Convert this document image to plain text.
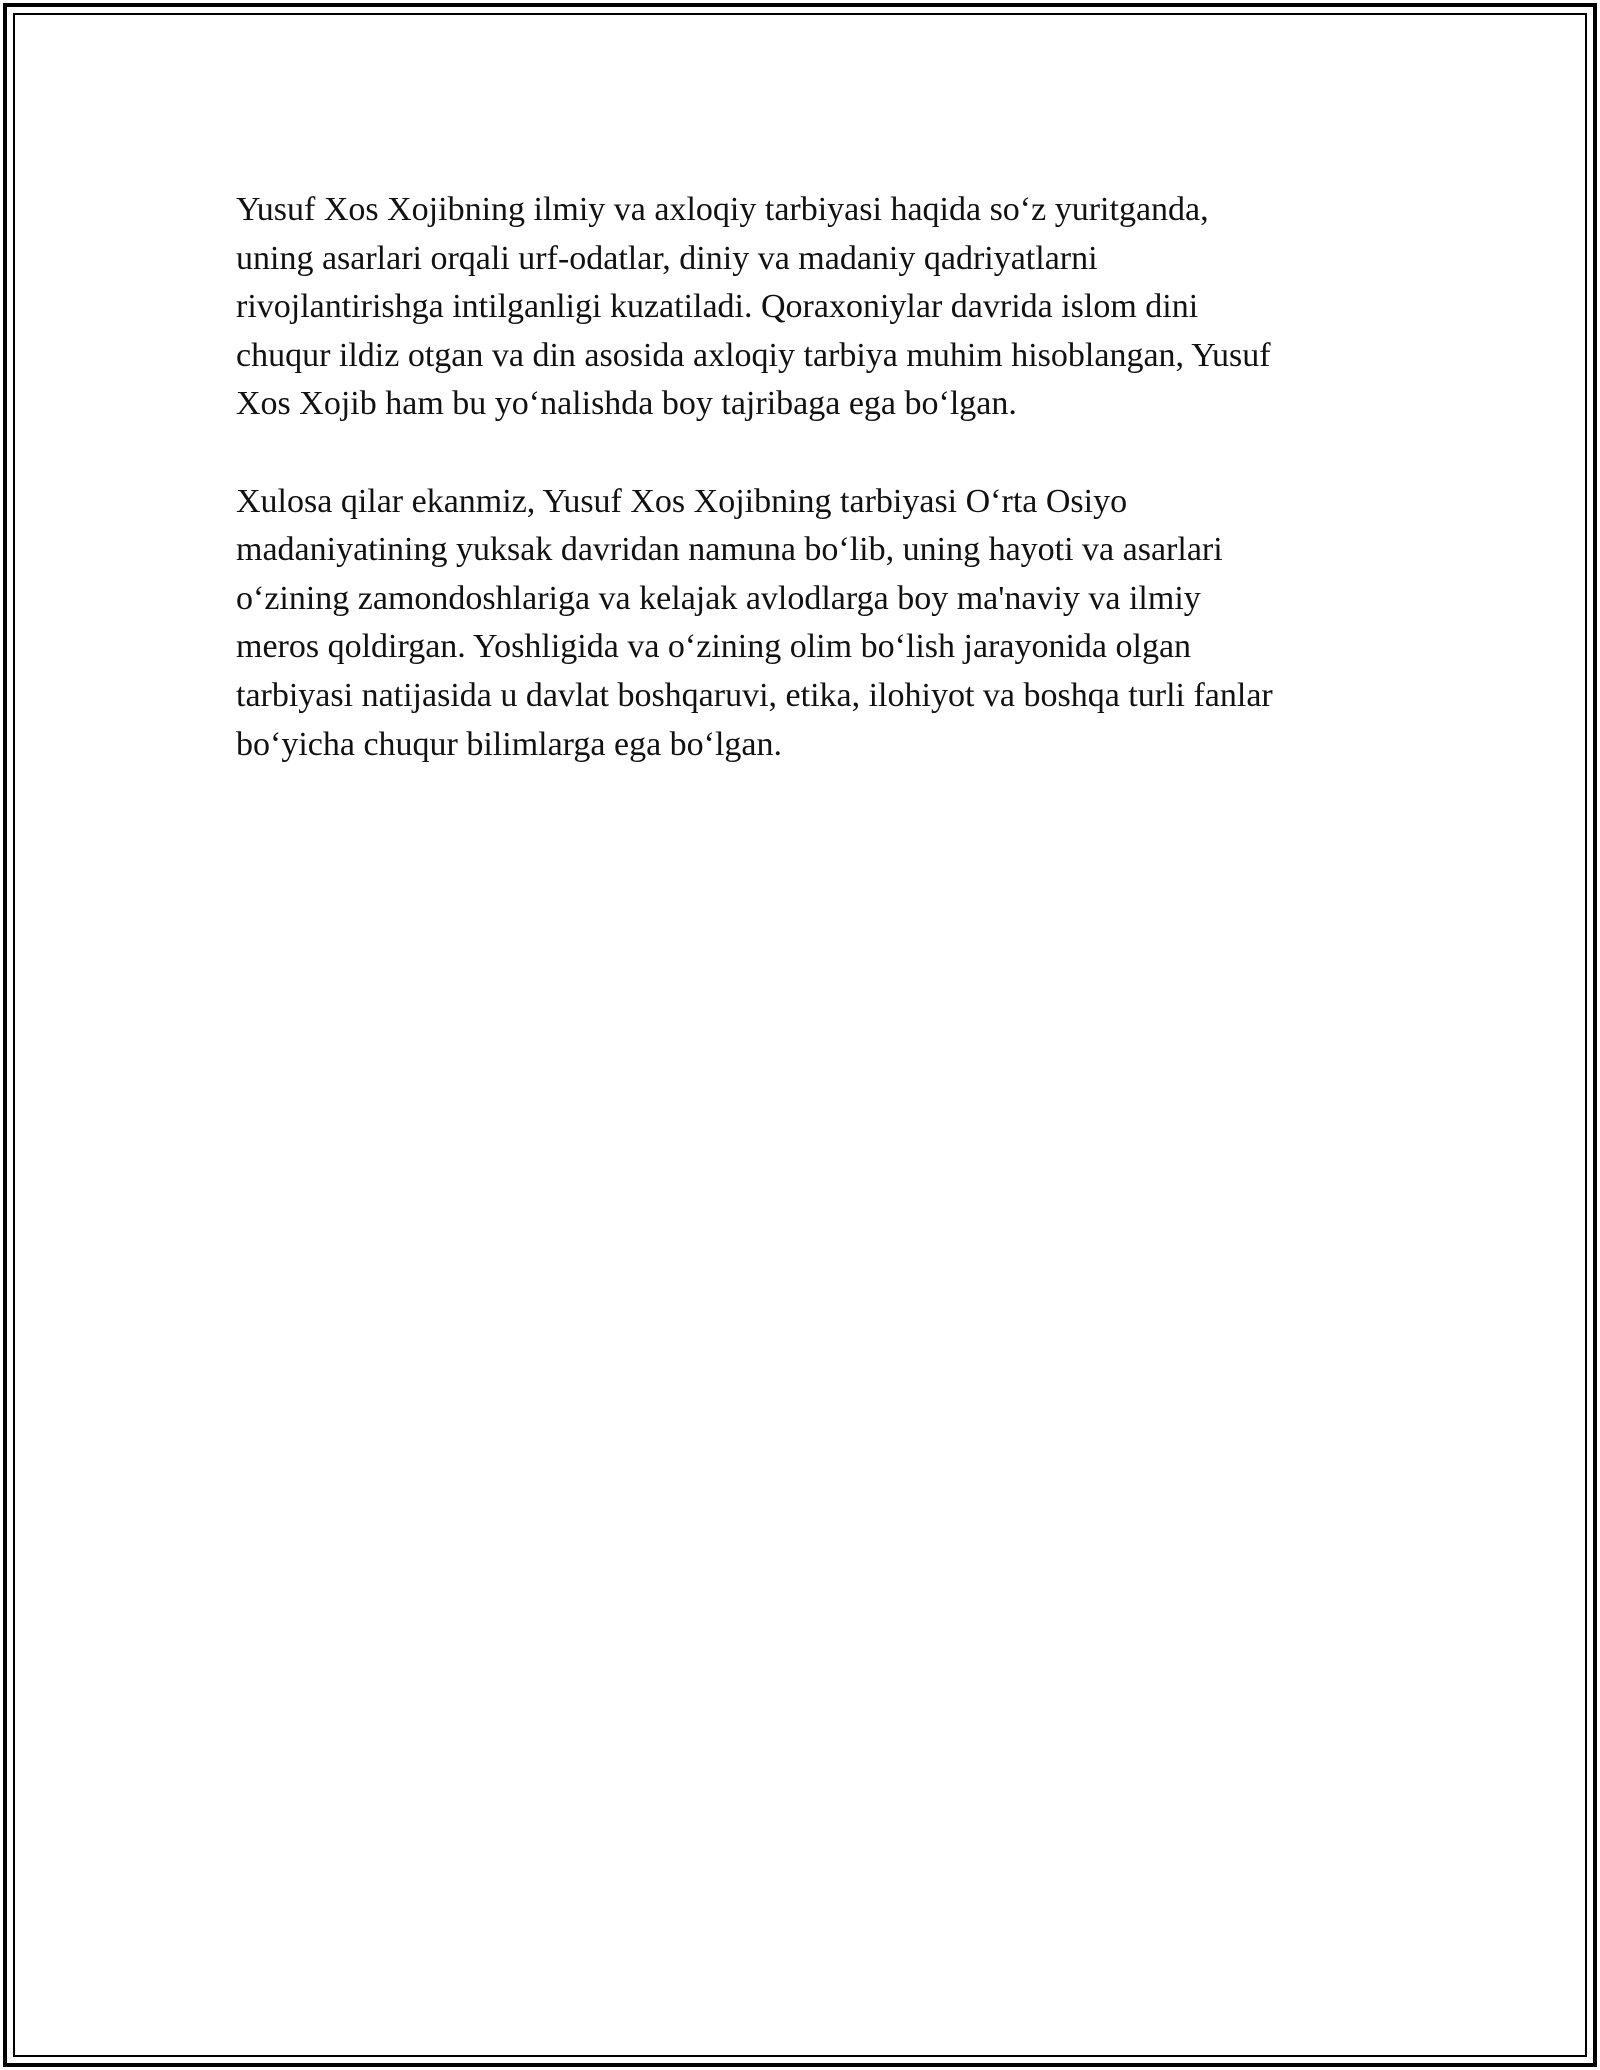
Yusuf Xos Xojibning ilmiy va axloqiy tarbiyasi haqida so‘z yuritganda,
uning asarlari orqali urf-odatlar, diniy va madaniy qadriyatlarni
rivojlantirishga intilganligi kuzatiladi. Qoraxoniylar davrida islom dini
chuqur ildiz otgan va din asosida axloqiy tarbiya muhim hisoblangan, Yusuf
Xos Xojib ham bu yo‘nalishda boy tajribaga ega bo‘lgan.

Xulosa qilar ekanmiz, Yusuf Xos Xojibning tarbiyasi O‘rta Osiyo
madaniyatining yuksak davridan namuna bo‘lib, uning hayoti va asarlari
o‘zining zamondoshlariga va kelajak avlodlarga boy ma'naviy va ilmiy
meros qoldirgan. Yoshligida va o‘zining olim bo‘lish jarayonida olgan
tarbiyasi natijasida u davlat boshqaruvi, etika, ilohiyot va boshqa turli fanlar
bo‘yicha chuqur bilimlarga ega bo‘lgan.
